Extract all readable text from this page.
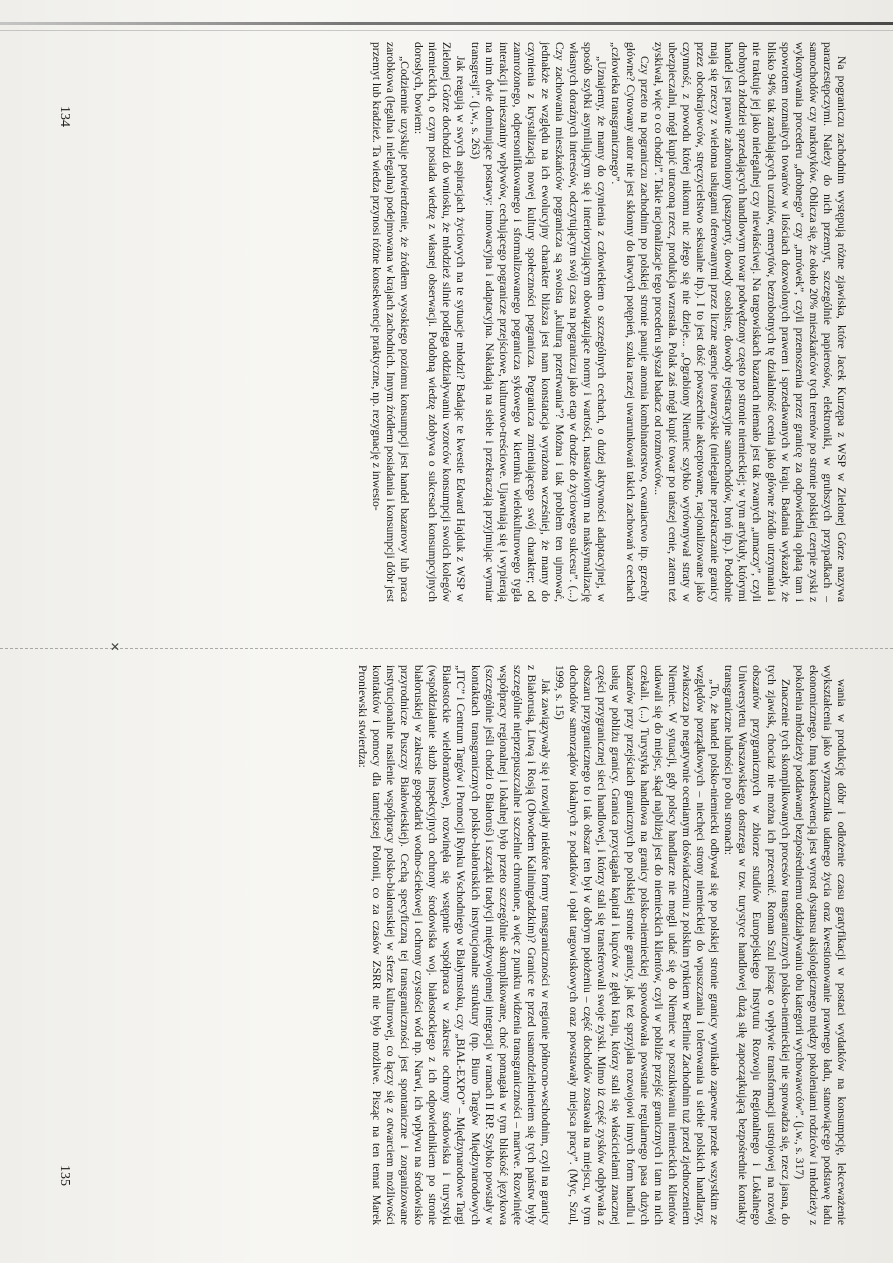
✕

Na pograniczu zachodnim występują różne zjawiska, które Jacek Kurzępa z WSP w Zielonej Górze nazywa pararzestępczymi. Należy do nich przemyt, szczególnie papierosów, elektroniki, w grubszych przypadkach – samochodów czy narkotyków. Oblicza się, że około 20% mieszkańców tych terenów po stronie polskiej czerpie zyski z wykonywania procederu „drobnego” czy „mrówek”, czyli przenoszenia przez granicę za odpowiednią opłatą tam i spowrotem rozmaitych towarów w ilościach dozwolonych prawem i sprzedawanych w kraju. Badania wykazały, że blisko 94% tak zarabiających uczniów, emerytów, bezrobotnych tę działalność ocenia jako główne źródło utrzymania i nie traktuje jej jako nielegalnej czy niewłaściwej. Na targowiskach bazarach niemało jest tak zwanych „umaczy”, czyli drobnych złodziei sprzedających handlowym towar podwędzony często po stronie niemieckiej; w tym artykuły, którymi handel jest prawnie zabroniony (paszporty, dowody osobiste, dowody rejestracyjne samochodów, broń itp.). Podobnie mają się rzeczy z wieloma usługami oferowanymi przez liczne agencje towarzyskie (nielegalne przekraczanie granicy przez obcokrajowców, stręczycielstwo seksualne itp.). I to jest dość powszechnie akceptowane, racjonalizowane jako czynność, z powodu której nikomu nic złego się nie dzieje... „Ograbiony Niemiec szybko wyrównywał straty w ubezpieczalni, mógł kupić utraconą rzecz, produkcja wzrastała. Polak zaś mógł kupić towar po tańszej cenie, zatem też zyskiwał, więc o co chodzi”. Takie racjonalizacje tego procederu słyszał badacz od rozmówców...

Czy przeto na pograniczu zachodnim po polskiej stronie panuje anomia kombinatorstwo, cwaniactwo itp. grzechy główne? Cytowany autor nie jest skłonny do łatwych potępień, szuka raczej uwarunkowań takich zachowań w cechach „człowieka transgranicznego”.

„Uznajemy, że mamy do czynienia z człowiekiem o szczególnych cechach, o dużej aktywności adaptacyjnej, w sposób szybki asymilującym się i interioryzującym obowiązujące normy i wartości, nastawionym na maksymalizację własnych doraźnych interesów, odczytującym swój czas na pograniczu jako etap w drodze do życiowego sukcesu”. (...) Czy zachowania mieszkańców pogranicza są swoista „kulturą przetrwania”? Można i tak problem ten ujmować, jednakże ze względu na ich ewolucyjny charakter bliższa jest nam konstatacja wyrażona wcześniej, że mamy do czynienia z krystalizacją nowej kultury społeczności pogranicza. Pogranicza zmieniającego swój charakter; od zamrożonego, odpersonifikowanego i sformalizowanego pogranicza sykowego w kierunku wielokulturowego tygla interakcji i mieszaniny wpływów, cechującego pogranicze przejściowe, kulturowo-treściowe. Ujawniają się i wypierają na nim dwie dominujące postawy: innowacyjna i adaptacyjna. Nakładają na siebie i przekraczają przyjmując wymiar transgresji”. (j.w., s. 263)

Jak reagują w swych aspiracjach życiowych na te sytuacje młodzi? Badając te kwestie Edward Hajduk z WSP w Zielonej Górze dochodzi do wniosku, że młodzież silnie podlega oddziaływaniu wzorców konsumpcji swoich kolegów niemieckich, o czym posiada wiedzę z własnej obserwacji. Podobną wiedzę zdobywa o sukcesach konsumpcyjnych dorosłych, bowiem:

„Codziennie uzyskuje potwierdzenie, że źródłem wysokiego poziomu konsumpcji jest handel bazarowy lub praca zarobkowa (legalna i nielegalna) podejmowana w krajach zachodnich. Innym źródłem posiadania i konsumpcji dóbr jest przemyt lub kradzież. Ta wiedza przynosi różne konsekwencje praktyczne, np. rezygnację z inwesto-

wania w produkcję dóbr i odłożenie czasu gratyfikacji w postaci wydatków na konsumpcję, lekceważenie wykształcenia jako wyznacznika udanego życia oraz kwestionowanie prawnego ładu, stanowiącego podstawę ładu ekonomicznego. Inną konsekwencją jest wyrost dystansu aksjologicznego między pokoleniami rodziców i młodzieży z pokolenia młodzieży poddawanej bezpośredniemu oddziaływaniu obu kategorii wychowawców”. (j.w., s. 317)

Znaczenie tych skomplikowanych procesów transgranicznych polsko-niemieckiej nie sprowadza się, rzecz jasna, do tych zjawisk, chociaż nie można ich przecenić. Roman Szul pisząc o wpływie transformacji ustrojowej na rozwój obszarów przygranicznych w zbiorze studiów Europejskiego Instytutu Rozwoju Regionalnego i Lokalnego Uniwersytetu Warszawskiego dostrzega w tzw. turystyce handlowej dużą siłę zapoczątkującą bezpośrednie kontakty transgraniczne ludności po obu stronach:

„To, że handel polsko-niemiecki odbywał się po polskiej stronie granicy wynikało zapewne przede wszystkim ze względów porządkowych – niechęci strony niemieckiej do wpuszczania i tolerowania u siebie polskich handlarzy, zwłaszcza po negatywnie ocenianym doświadczeniu z polskim rynkiem w Berlinie Zachodnim tuż przed zjednoczeniem Niemiec. W sytuacji, gdy polscy handlarze nie mogli udać się do Niemiec w poszukiwaniu niemieckich klientów udawali się do miejsc, skąd najbliżej jest do niemieckich klientów, czyli w pobliże przejść granicznych i tam na nich czekali. (...) Turystyka handlowa na granicy polsko-niemieckiej spowodowała powstanie regularnego pasa dużych bazarów przy przejściach granicznych po polskiej stronie granicy, jak też sprzyjała rozwojowi innych form handlu i usług w pobliżu granicy. Granica przyciągała kapitał i kupców z głębi kraju, którzy stali się właścicielami znacznej części przygranicznej sieci handlowej, i którzy stali się transferowali swoje zyski. Mimo iż część zysków odpływała z obszaru przygranicznego to i tak obszar ten był w dobrym położeniu – część dochodów zostawała na miejscu, w tym dochodów samorządów lokalnych z podatków i opłat targowiskowych oraz powstawały miejsca pracy”. (Myc, Szul, 1999, s. 15)

Jak zawiązywały się i rozwijały niektóre formy transgraniczności w regionie północno-wschodnim, czyli na granicy z Białorusią, Litwą i Rosją (Obwodem Kaliningradzkim)? Granice te przed usamodzielnieniem się tych państw były szczególnie nieprzepuszczalne i szczelnie chronione, a więc z punktu widzenia transgraniczności – martwe. Rozwinięte współpracy regionalnej i lokalnej było przeto szczególnie skomplikowane, choć pomagała w tym bliskość językowa (szczególnie jeśli chodzi o Białoruś) i szczątki tradycji międzywojennej integracji w ramach II RP. Szybko powstały w kontaktach transgranicznych polsko-białoruskich instytucjonalne struktury (np. Biuro Targów Międzynarodowych „ITC” i Centrum Targów i Promocji Rynku Wschodniego w Białymstoku, czy „BIAŁ-EXPO” – Międzynarodowe Targi Białostockie wielobranżowe), rozwinęła się wstępnie współpraca w zakresie ochrony środowiska i turystyki (współdziałanie służb inspekcyjnych ochrony środowiska woj. białostockiego z ich odpowiednikiem po stronie białoruskiej w zakresie gospodarki wodno-ściekowej i ochrony czystości wód np. Narwi, ich wpływu na środowisko przyrodnicze Puszczy Białowieskiej). Cechą specyficzną tej transgraniczności jest spontaniczne i zorganizowane instytucjonalnie nasilenie współpracy polsko-białoruskiej w sferze kulturowej, co łączy się z otwarciem możliwości kontaktów i pomocy dla tamtejszej Polonii, co za czasów ZSRR nie było możliwe. Pisząc na ten temat Marek Proniewski stwierdza:

134
135
